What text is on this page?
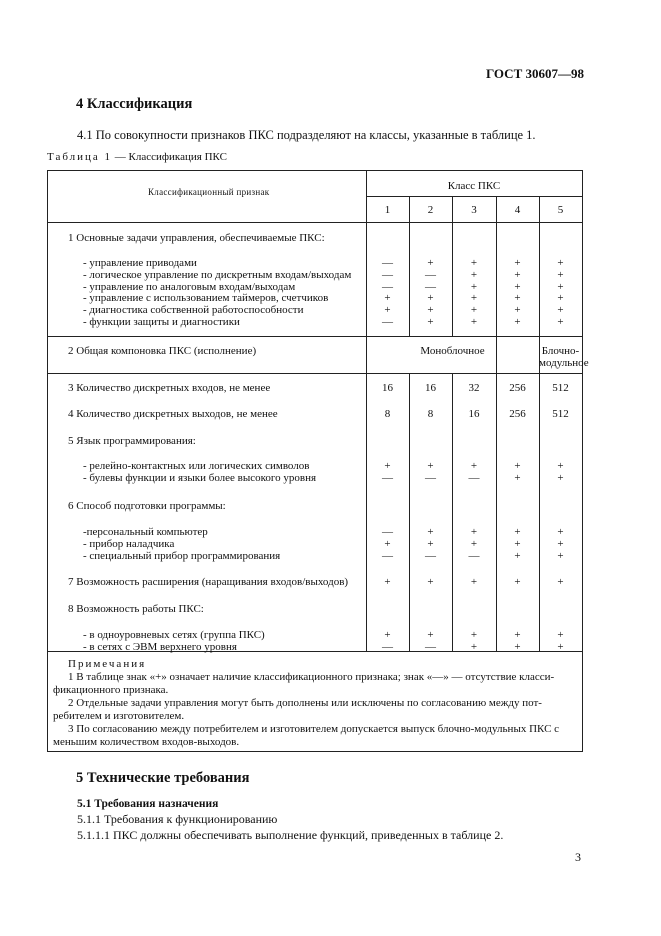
ГОСТ 30607—98
4 Классификация
4.1 По совокупности признаков ПКС подразделяют на классы, указанные в таблице 1.
Таблица 1 — Классификация ПКС
Классификационный признак	Класс ПКС
1	2	3	4	5
1 Основные задачи управления, обеспечиваемые ПКС:
- управление приводами	—	+	+	+	+
- логическое управление по дискретным входам/выходам	—	—	+	+	+
- управление по аналоговым входам/выходам	—	—	+	+	+
- управление с использованием таймеров, счетчиков	+	+	+	+	+
- диагностика собственной работоспособности	+	+	+	+	+
- функции защиты и диагностики	—	+	+	+	+
2 Общая компоновка ПКС (исполнение)	Моноблочное	Блочно-
модульное
3 Количество дискретных входов, не менее	16	16	32	256	512
4 Количество дискретных выходов, не менее	8	8	16	256	512
5 Язык программирования:
- релейно-контактных или логических символов	+	+	+	+	+
- булевы функции и языки более высокого уровня	—	—	—	+	+
6 Способ подготовки программы:
-персональный компьютер	—	+	+	+	+
- прибор наладчика	+	+	+	+	+
- специальный прибор программирования	—	—	—	+	+
7 Возможность расширения (наращивания входов/выходов)	+	+	+	+	+
8 Возможность работы ПКС:
- в одноуровневых сетях (группа ПКС)	+	+	+	+	+
- в сетях с ЭВМ верхнего уровня	—	—	+	+	+
Примечания
1 В таблице знак «+» означает наличие классификационного признака; знак «—» — отсутствие класси-
фикационного признака.
2 Отдельные задачи управления могут быть дополнены или исключены по согласованию между пот-
ребителем и изготовителем.
3 По согласованию между потребителем и изготовителем допускается выпуск блочно-модульных ПКС с
меньшим количеством входов-выходов.
5 Технические требования
5.1 Требования назначения
5.1.1 Требования к функционированию
5.1.1.1 ПКС должны обеспечивать выполнение функций, приведенных в таблице 2.
3
